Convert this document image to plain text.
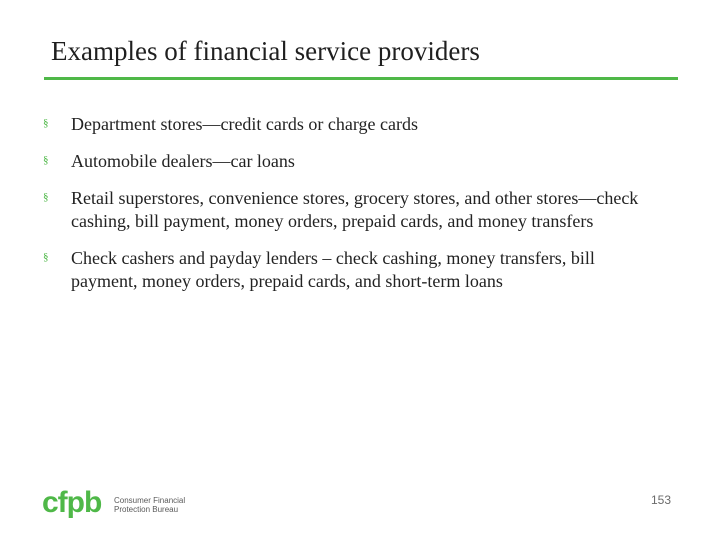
Examples of financial service providers
§	Department stores—credit cards or charge cards
§	Automobile dealers—car loans
§	Retail superstores, convenience stores, grocery stores, and other stores—check cashing, bill payment, money orders, prepaid cards, and money transfers
§	Check cashers and payday lenders – check cashing, money transfers, bill payment, money orders, prepaid cards, and short-term loans
cfpb Consumer Financial
Protection Bureau
153
